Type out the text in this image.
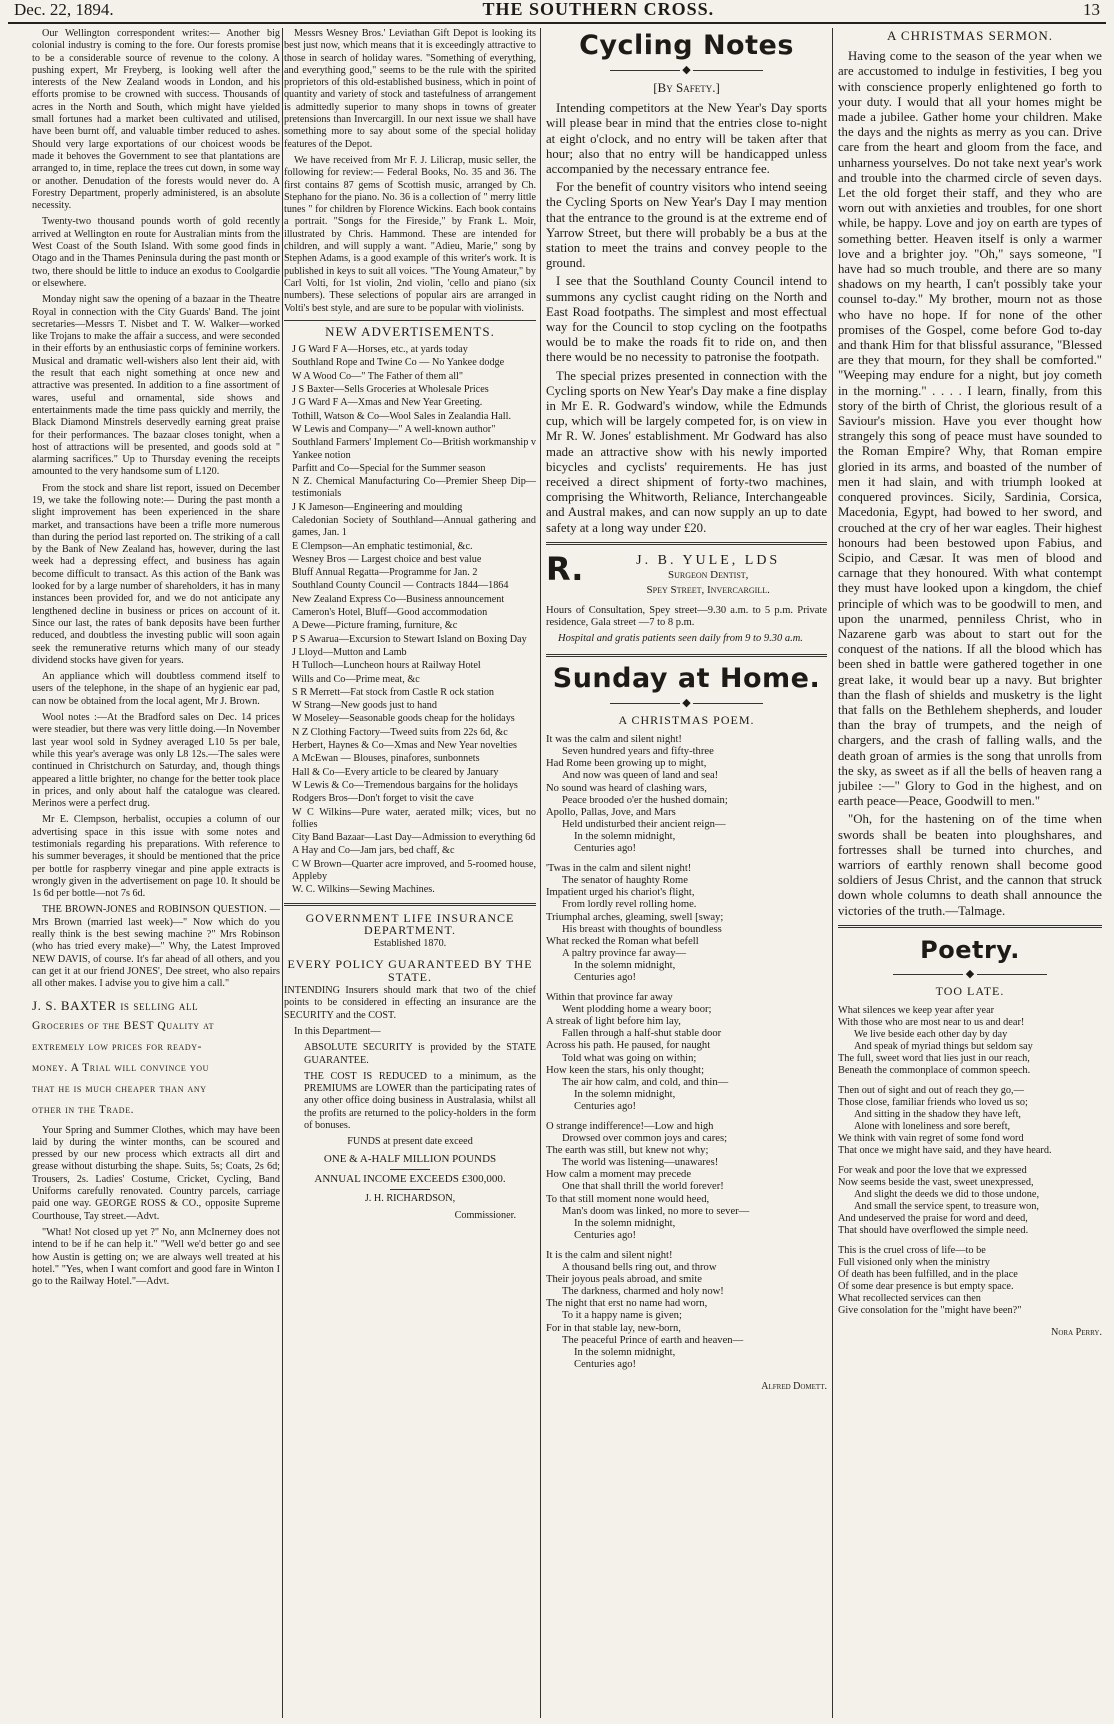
Dec. 22, 1894.	THE SOUTHERN CROSS.	13

Our Wellington correspondent writes:— Another big colonial industry is coming to the fore. Our forests promise to be a considerable source of revenue to the colony. A pushing expert, Mr Freyberg, is looking well after the interests of the New Zealand woods in London, and his efforts promise to be crowned with success. Thousands of acres in the North and South, which might have yielded small fortunes had a market been cultivated and utilised, have been burnt off, and valuable timber reduced to ashes. Should very large exportations of our choicest woods be made it behoves the Government to see that plantations are arranged to, in time, replace the trees cut down, in some way or another. Denudation of the forests would never do. A Forestry Department, properly administered, is an absolute necessity.

Twenty-two thousand pounds worth of gold recently arrived at Wellington en route for Australian mints from the West Coast of the South Island. With some good finds in Otago and in the Thames Peninsula during the past month or two, there should be little to induce an exodus to Coolgardie or elsewhere.

Monday night saw the opening of a bazaar in the Theatre Royal in connection with the City Guards' Band. The joint secretaries—Messrs T. Nisbet and T. W. Walker—worked like Trojans to make the affair a success, and were seconded in their efforts by an enthusiastic corps of feminine workers. Musical and dramatic well-wishers also lent their aid, with the result that each night something at once new and attractive was presented. In addition to a fine assortment of wares, useful and ornamental, side shows and entertainments made the time pass quickly and merrily, the Black Diamond Minstrels deservedly earning great praise for their performances. The bazaar closes tonight, when a host of attractions will be presented, and goods sold at " alarming sacrifices." Up to Thursday evening the receipts amounted to the very handsome sum of L120.

From the stock and share list report, issued on December 19, we take the following note:— During the past month a slight improvement has been experienced in the share market, and transactions have been a trifle more numerous than during the period last reported on. The striking of a call by the Bank of New Zealand has, however, during the last week had a depressing effect, and business has again become difficult to transact. As this action of the Bank was looked for by a large number of shareholders, it has in many instances been provided for, and we do not anticipate any lengthened decline in business or prices on account of it. Since our last, the rates of bank deposits have been further reduced, and doubtless the investing public will soon again seek the remunerative returns which many of our steady dividend stocks have given for years.

An appliance which will doubtless commend itself to users of the telephone, in the shape of an hygienic ear pad, can now be obtained from the local agent, Mr J. Brown.

Wool notes :—At the Bradford sales on Dec. 14 prices were steadier, but there was very little doing.—In November last year wool sold in Sydney averaged L10 5s per bale, while this year's average was only L8 12s.—The sales were continued in Christchurch on Saturday, and, though things appeared a little brighter, no change for the better took place in prices, and only about half the catalogue was cleared. Merinos were a perfect drug.

Mr E. Clempson, herbalist, occupies a column of our advertising space in this issue with some notes and testimonials regarding his preparations. With reference to his summer beverages, it should be mentioned that the price per bottle for raspberry vinegar and pine apple extracts is wrongly given in the advertisement on page 10. It should be 1s 6d per bottle—not 7s 6d.

THE BROWN-JONES and ROBINSON QUESTION. — Mrs Brown (married last week)—" Now which do you really think is the best sewing machine ?" Mrs Robinson (who has tried every make)—" Why, the Latest Improved NEW DAVIS, of course. It's far ahead of all others, and you can get it at our friend JONES', Dee street, who also repairs all other makes. I advise you to give him a call."

J. S. BAXTER is selling all

Groceries of the BEST Quality at

extremely low prices for ready-

money. A Trial will convince you

that he is much cheaper than any

other in the Trade.

Your Spring and Summer Clothes, which may have been laid by during the winter months, can be scoured and pressed by our new process which extracts all dirt and grease without disturbing the shape. Suits, 5s; Coats, 2s 6d; Trousers, 2s. Ladies' Costume, Cricket, Cycling, Band Uniforms carefully renovated. Country parcels, carriage paid one way. GEORGE ROSS & CO., opposite Supreme Courthouse, Tay street.—Advt.

"What! Not closed up yet ?" No, ann McInerney does not intend to be if he can help it." "Well we'd better go and see how Austin is getting on; we are always well treated at his hotel." "Yes, when I want comfort and good fare in Winton I go to the Railway Hotel."—Advt.

Messrs Wesney Bros.' Leviathan Gift Depot is looking its best just now, which means that it is exceedingly attractive to those in search of holiday wares. "Something of everything, and everything good," seems to be the rule with the spirited proprietors of this old-established business, which in point of quantity and variety of stock and tastefulness of arrangement is admittedly superior to many shops in towns of greater pretensions than Invercargill. In our next issue we shall have something more to say about some of the special holiday features of the Depot.

We have received from Mr F. J. Lilicrap, music seller, the following for review:— Federal Books, No. 35 and 36. The first contains 87 gems of Scottish music, arranged by Ch. Stephano for the piano. No. 36 is a collection of " merry little tunes " for children by Florence Wickins. Each book contains a portrait. "Songs for the Fireside," by Frank L. Moir, illustrated by Chris. Hammond. These are intended for children, and will supply a want. "Adieu, Marie," song by Stephen Adams, is a good example of this writer's work. It is published in keys to suit all voices. "The Young Amateur," by Carl Volti, for 1st violin, 2nd violin, 'cello and piano (six numbers). These selections of popular airs are arranged in Volti's best style, and are sure to be popular with violinists.

NEW ADVERTISEMENTS.

J G Ward F A—Horses, etc., at yards today

Southland Rope and Twine Co — No Yankee dodge

W A Wood Co—" The Father of them all"

J S Baxter—Sells Groceries at Wholesale Prices

J G Ward F A—Xmas and New Year Greeting.

Tothill, Watson & Co—Wool Sales in Zealandia Hall.

W Lewis and Company—" A well-known author"

Southland Farmers' Implement Co—British workmanship v Yankee notion

Parfitt and Co—Special for the Summer season

N Z. Chemical Manufacturing Co—Premier Sheep Dip—testimonials

J K Jameson—Engineering and moulding

Caledonian Society of Southland—Annual gathering and games, Jan. 1

E Clempson—An emphatic testimonial, &c.

Wesney Bros — Largest choice and best value

Bluff Annual Regatta—Programme for Jan. 2

Southland County Council — Contracts 1844—1864

New Zealand Express Co—Business announcement

Cameron's Hotel, Bluff—Good accommodation

A Dewe—Picture framing, furniture, &c

P S Awarua—Excursion to Stewart Island on Boxing Day

J Lloyd—Mutton and Lamb

H Tulloch—Luncheon hours at Railway Hotel

Wills and Co—Prime meat, &c

S R Merrett—Fat stock from Castle R ock station

W Strang—New goods just to hand

W Moseley—Seasonable goods cheap for the holidays

N Z Clothing Factory—Tweed suits from 22s 6d, &c

Herbert, Haynes & Co—Xmas and New Year novelties

A McEwan — Blouses, pinafores, sunbonnets

Hall & Co—Every article to be cleared by January

W Lewis & Co—Tremendous bargains for the holidays

Rodgers Bros—Don't forget to visit the cave

W C Wilkins—Pure water, aerated milk; vices, but no follies

City Band Bazaar—Last Day—Admission to everything 6d

A Hay and Co—Jam jars, bed chaff, &c

C W Brown—Quarter acre improved, and 5-roomed house, Appleby

W. C. Wilkins—Sewing Machines.

GOVERNMENT LIFE INSURANCE DEPARTMENT.

Established 1870.

EVERY POLICY GUARANTEED BY THE STATE.

INTENDING Insurers should mark that two of the chief points to be considered in effecting an insurance are the SECURITY and the COST.

In this Department—

ABSOLUTE SECURITY is provided by the STATE GUARANTEE.

THE COST IS REDUCED to a minimum, as the PREMIUMS are LOWER than the participating rates of any other office doing business in Australasia, whilst all the profits are returned to the policy-holders in the form of bonuses.

FUNDS at present date exceed

ONE & A-HALF MILLION POUNDS

ANNUAL INCOME EXCEEDS £300,000.

J. H. RICHARDSON,

Commissioner.

Cycling Notes
◆
[By Safety.]

Intending competitors at the New Year's Day sports will please bear in mind that the entries close to-night at eight o'clock, and no entry will be taken after that hour; also that no entry will be handicapped unless accompanied by the necessary entrance fee.

For the benefit of country visitors who intend seeing the Cycling Sports on New Year's Day I may mention that the entrance to the ground is at the extreme end of Yarrow Street, but there will probably be a bus at the station to meet the trains and convey people to the ground.

I see that the Southland County Council intend to summons any cyclist caught riding on the North and East Road footpaths. The simplest and most effectual way for the Council to stop cycling on the footpaths would be to make the roads fit to ride on, and then there would be no necessity to patronise the footpath.

The special prizes presented in connection with the Cycling sports on New Year's Day make a fine display in Mr E. R. Godward's window, while the Edmunds cup, which will be largely competed for, is on view in Mr R. W. Jones' establishment. Mr Godward has also made an attractive show with his newly imported bicycles and cyclists' requirements. He has just received a direct shipment of forty-two machines, comprising the Whitworth, Reliance, Interchangeable and Austral makes, and can now supply an up to date safety at a long way under £20.

R.	J. B. YULE, LDS
Surgeon Dentist,
Spey Street, Invercargill.

Hours of Consultation, Spey street—9.30 a.m. to 5 p.m. Private residence, Gala street —7 to 8 p.m.

Hospital and gratis patients seen daily from 9 to 9.30 a.m.

Sunday at Home.
◆
A CHRISTMAS POEM.

It was the calm and silent night!

Seven hundred years and fifty-three

Had Rome been growing up to might,

And now was queen of land and sea!

No sound was heard of clashing wars,

Peace brooded o'er the hushed domain;

Apollo, Pallas, Jove, and Mars

Held undisturbed their ancient reign—

In the solemn midnight,

Centuries ago!

'Twas in the calm and silent night!

The senator of haughty Rome

Impatient urged his chariot's flight,

From lordly revel rolling home.

Triumphal arches, gleaming, swell [sway;

His breast with thoughts of boundless

What recked the Roman what befell

A paltry province far away—

In the solemn midnight,

Centuries ago!

Within that province far away

Went plodding home a weary boor;

A streak of light before him lay,

Fallen through a half-shut stable door

Across his path. He paused, for naught

Told what was going on within;

How keen the stars, his only thought;

The air how calm, and cold, and thin—

In the solemn midnight,

Centuries ago!

O strange indifference!—Low and high

Drowsed over common joys and cares;

The earth was still, but knew not why;

The world was listening—unawares!

How calm a moment may precede

One that shall thrill the world forever!

To that still moment none would heed,

Man's doom was linked, no more to sever—

In the solemn midnight,

Centuries ago!

It is the calm and silent night!

A thousand bells ring out, and throw

Their joyous peals abroad, and smite

The darkness, charmed and holy now!

The night that erst no name had worn,

To it a happy name is given;

For in that stable lay, new-born,

The peaceful Prince of earth and heaven—

In the solemn midnight,

Centuries ago!

Alfred Domett.
A CHRISTMAS SERMON.

Having come to the season of the year when we are accustomed to indulge in festivities, I beg you with conscience properly enlightened go forth to your duty. I would that all your homes might be made a jubilee. Gather home your children. Make the days and the nights as merry as you can. Drive care from the heart and gloom from the face, and unharness yourselves. Do not take next year's work and trouble into the charmed circle of seven days. Let the old forget their staff, and they who are worn out with anxieties and troubles, for one short while, be happy. Love and joy on earth are types of something better. Heaven itself is only a warmer love and a brighter joy. "Oh," says someone, "I have had so much trouble, and there are so many shadows on my hearth, I can't possibly take your counsel to-day." My brother, mourn not as those who have no hope. If for none of the other promises of the Gospel, come before God to-day and thank Him for that blissful assurance, "Blessed are they that mourn, for they shall be comforted." "Weeping may endure for a night, but joy cometh in the morning." . . . . I learn, finally, from this story of the birth of Christ, the glorious result of a Saviour's mission. Have you ever thought how strangely this song of peace must have sounded to the Roman Empire? Why, that Roman empire gloried in its arms, and boasted of the number of men it had slain, and with triumph looked at conquered provinces. Sicily, Sardinia, Corsica, Macedonia, Egypt, had bowed to her sword, and crouched at the cry of her war eagles. Their highest honours had been bestowed upon Fabius, and Scipio, and Cæsar. It was men of blood and carnage that they honoured. With what contempt they must have looked upon a kingdom, the chief principle of which was to be goodwill to men, and upon the unarmed, penniless Christ, who in Nazarene garb was about to start out for the conquest of the nations. If all the blood which has been shed in battle were gathered together in one great lake, it would bear up a navy. But brighter than the flash of shields and musketry is the light that falls on the Bethlehem shepherds, and louder than the bray of trumpets, and the neigh of chargers, and the crash of falling walls, and the death groan of armies is the song that unrolls from the sky, as sweet as if all the bells of heaven rang a jubilee :—" Glory to God in the highest, and on earth peace—Peace, Goodwill to men."

"Oh, for the hastening on of the time when swords shall be beaten into ploughshares, and fortresses shall be turned into churches, and warriors of earthly renown shall become good soldiers of Jesus Christ, and the cannon that struck down whole columns to death shall announce the victories of the truth.—Talmage.

Poetry.
◆
TOO LATE.

What silences we keep year after year

With those who are most near to us and dear!

We live beside each other day by day

And speak of myriad things but seldom say

The full, sweet word that lies just in our reach,

Beneath the commonplace of common speech.

Then out of sight and out of reach they go,—

Those close, familiar friends who loved us so;

And sitting in the shadow they have left,

Alone with loneliness and sore bereft,

We think with vain regret of some fond word

That once we might have said, and they have heard.

For weak and poor the love that we expressed

Now seems beside the vast, sweet unexpressed,

And slight the deeds we did to those undone,

And small the service spent, to treasure won,

And undeserved the praise for word and deed,

That should have overflowed the simple need.

This is the cruel cross of life—to be

Full visioned only when the ministry

Of death has been fulfilled, and in the place

Of some dear presence is but empty space.

What recollected services can then

Give consolation for the "might have been?"

Nora Perry.
